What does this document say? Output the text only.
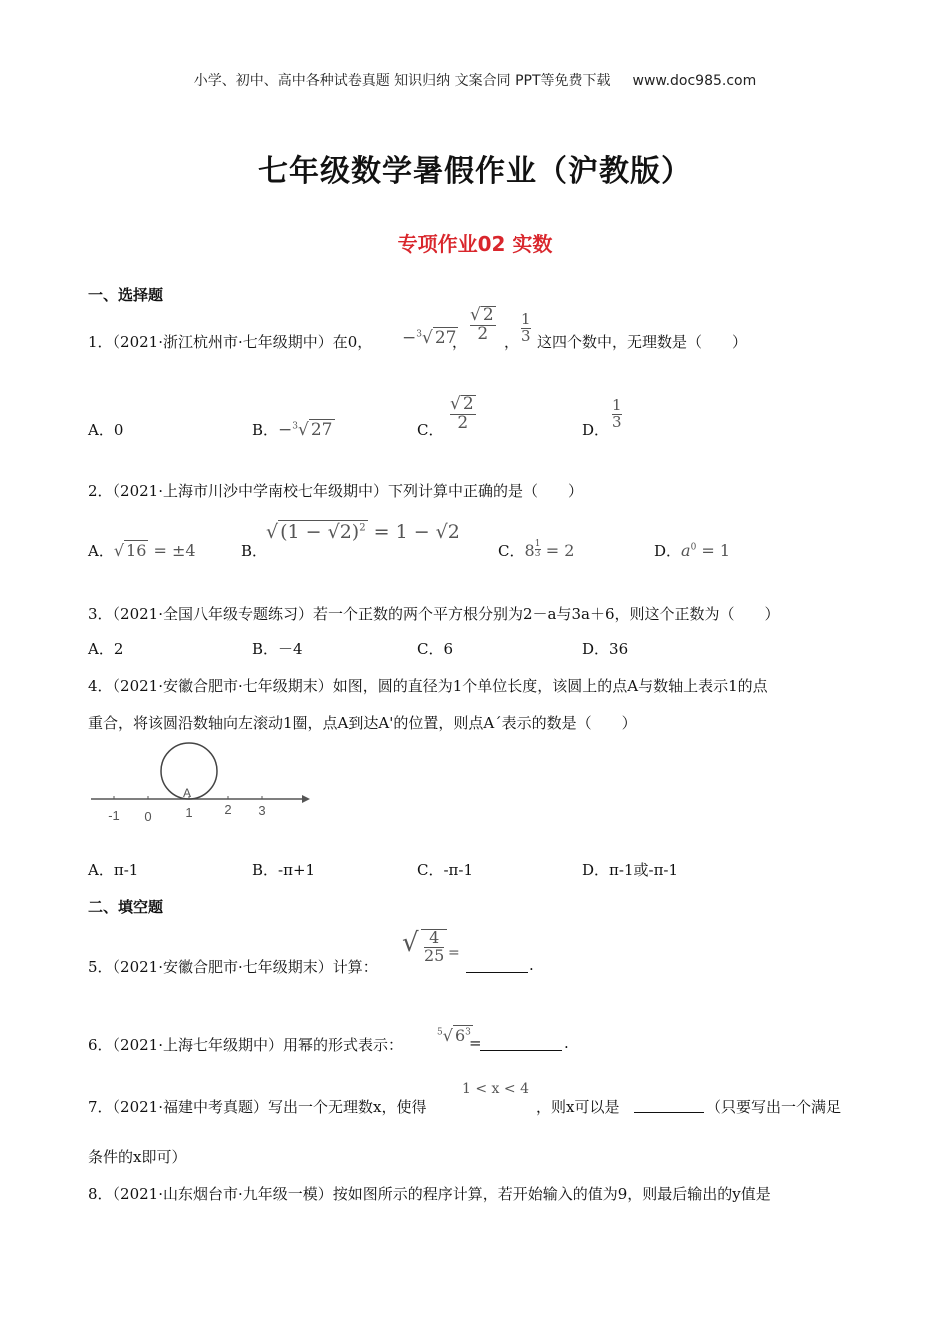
小学、初中、高中各种试卷真题 知识归纳 文案合同 PPT等免费下载 www.doc985.com
七年级数学暑假作业（沪教版）
专项作业02 实数
一、选择题
1．（2021·浙江杭州市·七年级期中）在0， −$^3$√ 27
，
√ 2
2 ，
1
3 这四个数中，无理数是（　　）
A．0	B．−$^3$√ 27	C．
√ 2
2	D．
1
3
2．（2021·上海市川沙中学南校七年级期中）下列计算中正确的是（　　）
A．√ 16 = ±4	B．
√ $(1 - √2)^2 = 1 - √2$
C．$8 \frac{1}{3} = 2$	D．$a^0 = 1$
3．（2021·全国八年级专题练习）若一个正数的两个平方根分别为2－a与3a＋6，则这个正数为（　　）
A．2	B．－4	C．6	D．36
4．（2021·安徽合肥市·七年级期末）如图，圆的直径为1个单位长度，该圆上的点A与数轴上表示1的点
重合，将该圆沿数轴向左滚动1圈，点A到达A'的位置，则点A´表示的数是（　　）
A
-1 0	1 2 3
A．π-1	B．-π+1	C．-π-1	D．π-1或-π-1
二、填空题
5．（2021·安徽合肥市·七年级期末）计算：
√ 4
25 =
.
6．（2021·上海七年级期中）用幂的形式表示：
$^5$√ $6^3$
=	.
7．（2021·福建中考真题）写出一个无理数x，使得
1 < x < 4
，则x可以是	（只要写出一个满足
条件的x即可）
8．（2021·山东烟台市·九年级一模）按如图所示的程序计算，若开始输入的值为9，则最后输出的y值是
